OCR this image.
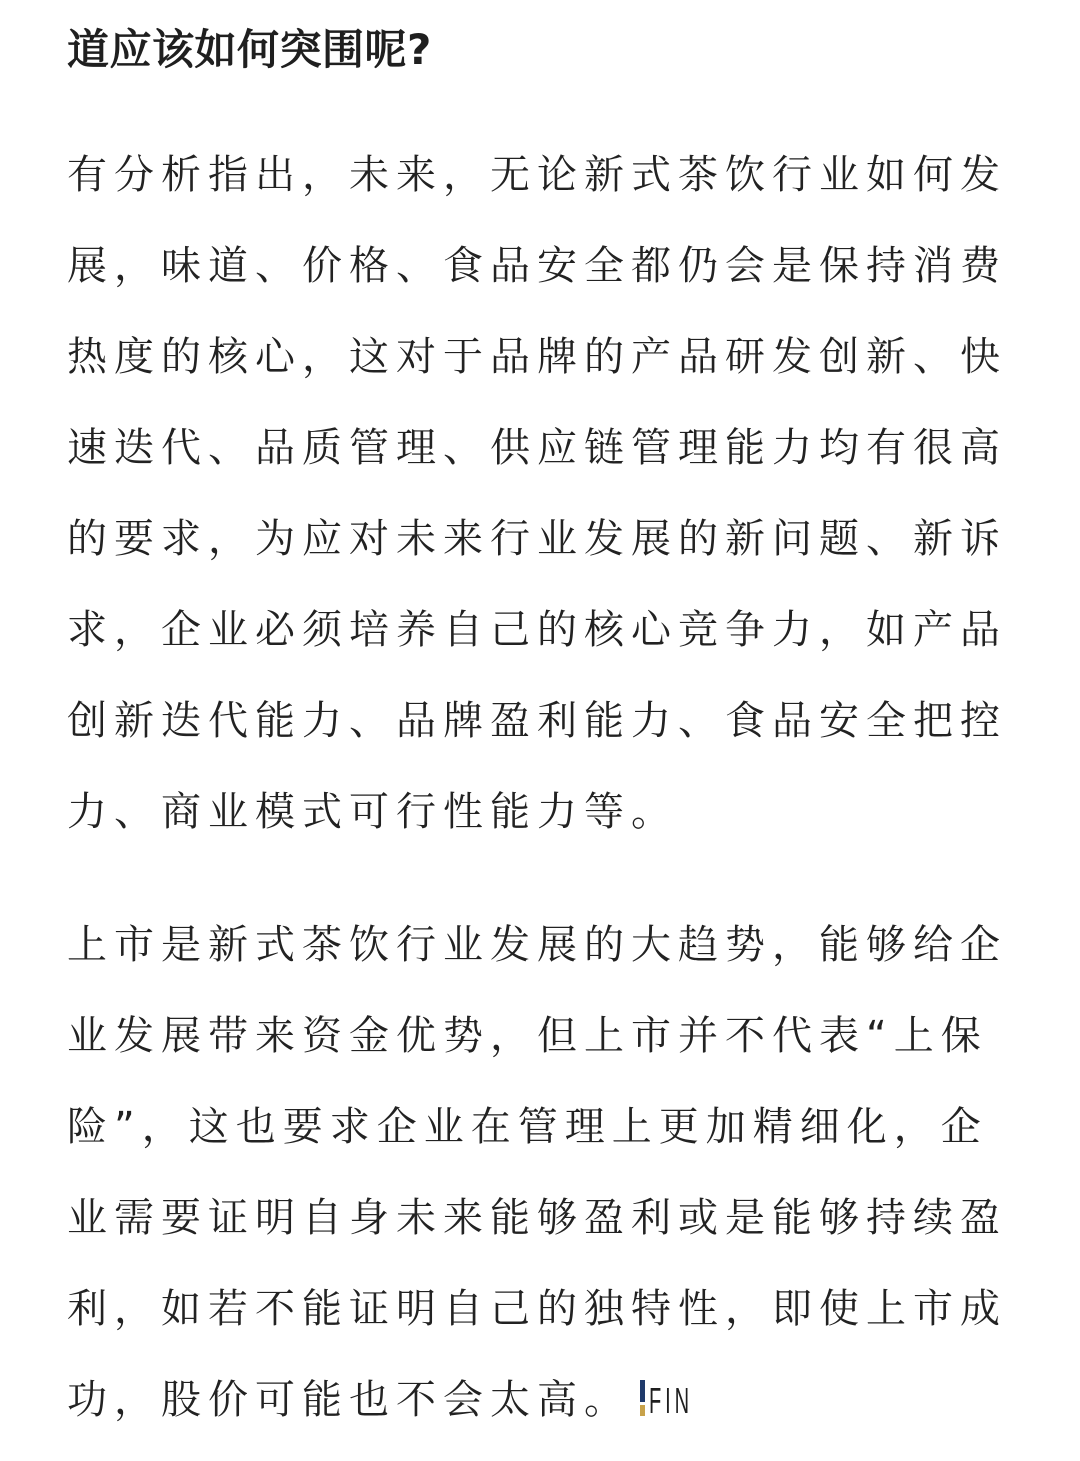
道应该如何突围呢?

有分析指出，未来，无论新式茶饮行业如何发展，味道、价格、食品安全都仍会是保持消费热度的核心，这对于品牌的产品研发创新、快速迭代、品质管理、供应链管理能力均有很高的要求，为应对未来行业发展的新问题、新诉求，企业必须培养自己的核心竞争力，如产品创新迭代能力、品牌盈利能力、食品安全把控力、商业模式可行性能力等。

上市是新式茶饮行业发展的大趋势，能够给企业发展带来资金优势，但上市并不代表“上保险”，这也要求企业在管理上更加精细化，企业需要证明自身未来能够盈利或是能够持续盈利，如若不能证明自己的独特性，即使上市成功，股价可能也不会太高。 FIN
